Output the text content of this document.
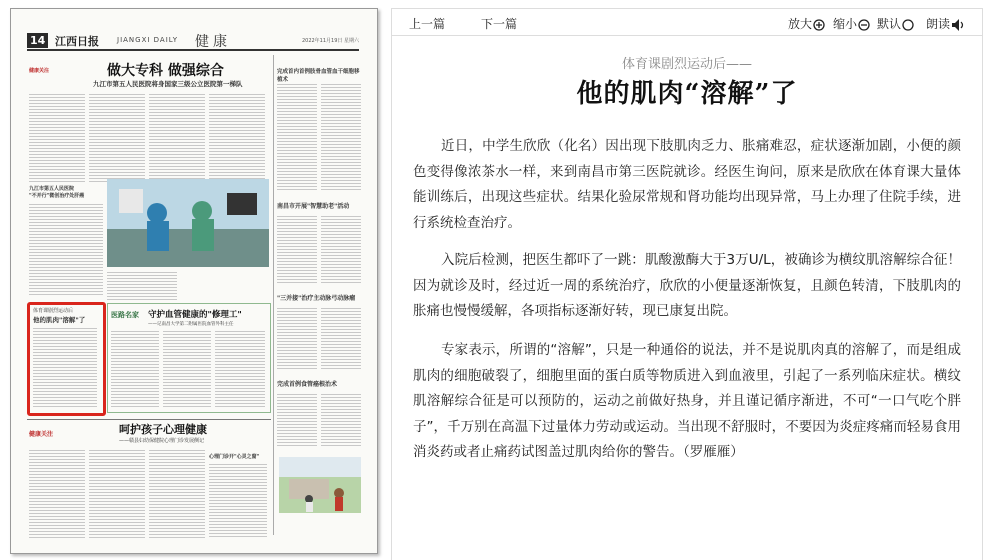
14 江西日报	JIANGXI DAILY 健康	2022年11月19日 星期六
健康关注	做大专科 做强综合
九江市第五人民医院将身国家三级公立医院第一梯队
完成首内首例肢骨血管血干细胞移植术
南昌市开展"智慧助老"活动
"三并接"治疗主动脉弓动脉瘤
完成首例食管癌根治术
九江市第五人民医院
"不并行"微创治疗处肝癌
体育课剧烈运动后
他的肌肉"溶解"了
医路名家 守护血管健康的"修理工"
——记南昌大学第二附属医院血管外科主任
健康关注	呵护孩子心理健康
——赣县妇幼保健院心理门诊发展侧记
心理门诊开"心灵之窗"
上一篇	下一篇	放大	缩小	默认	朗读
体育课剧烈运动后——
他的肌肉“溶解”了

近日，中学生欣欣（化名）因出现下肢肌肉乏力、胀痛难忍，症状逐渐加剧，小便的颜色变得像浓茶水一样，来到南昌市第三医院就诊。经医生询问，原来是欣欣在体育课大量体能训练后，出现这些症状。结果化验尿常规和肾功能均出现异常，马上办理了住院手续，进行系统检查治疗。

入院后检测，把医生都吓了一跳：肌酸激酶大于3万U/L，被确诊为横纹肌溶解综合征！因为就诊及时，经过近一周的系统治疗，欣欣的小便量逐渐恢复，且颜色转清，下肢肌肉的胀痛也慢慢缓解，各项指标逐渐好转，现已康复出院。

专家表示，所谓的“溶解”，只是一种通俗的说法，并不是说肌肉真的溶解了，而是组成肌肉的细胞破裂了，细胞里面的蛋白质等物质进入到血液里，引起了一系列临床症状。横纹肌溶解综合征是可以预防的，运动之前做好热身，并且谨记循序渐进，不可“一口气吃个胖子”，千万别在高温下过量体力劳动或运动。当出现不舒服时，不要因为炎症疼痛而轻易食用消炎药或者止痛药试图盖过肌肉给你的警告。（罗雁雁）
